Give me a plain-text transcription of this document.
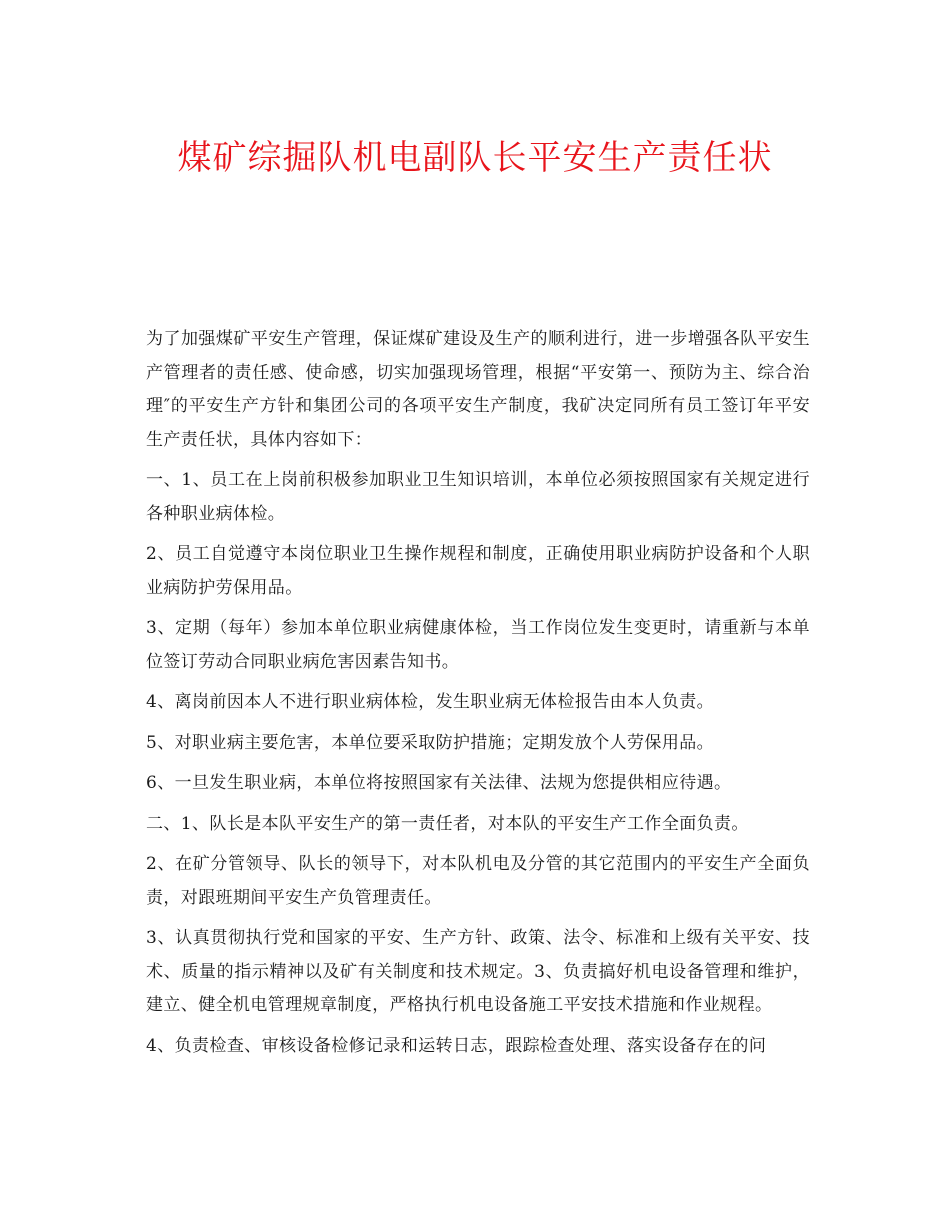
煤矿综掘队机电副队长平安生产责任状

为了加强煤矿平安生产管理，保证煤矿建设及生产的顺利进行，进一步增强各队平安生产管理者的责任感、使命感，切实加强现场管理，根据“平安第一、预防为主、综合治理″的平安生产方针和集团公司的各项平安生产制度，我矿决定同所有员工签订年平安生产责任状，具体内容如下：

一、1、员工在上岗前积极参加职业卫生知识培训，本单位必须按照国家有关规定进行各种职业病体检。

2、员工自觉遵守本岗位职业卫生操作规程和制度，正确使用职业病防护设备和个人职业病防护劳保用品。

3、定期（每年）参加本单位职业病健康体检，当工作岗位发生变更时，请重新与本单位签订劳动合同职业病危害因素告知书。

4、离岗前因本人不进行职业病体检，发生职业病无体检报告由本人负责。

5、对职业病主要危害，本单位要采取防护措施；定期发放个人劳保用品。

6、一旦发生职业病，本单位将按照国家有关法律、法规为您提供相应待遇。

二、1、队长是本队平安生产的第一责任者，对本队的平安生产工作全面负责。

2、在矿分管领导、队长的领导下，对本队机电及分管的其它范围内的平安生产全面负责，对跟班期间平安生产负管理责任。

3、认真贯彻执行党和国家的平安、生产方针、政策、法令、标准和上级有关平安、技术、质量的指示精神以及矿有关制度和技术规定。3、负责搞好机电设备管理和维护，建立、健全机电管理规章制度，严格执行机电设备施工平安技术措施和作业规程。

4、负责检查、审核设备检修记录和运转日志，跟踪检查处理、落实设备存在的问
